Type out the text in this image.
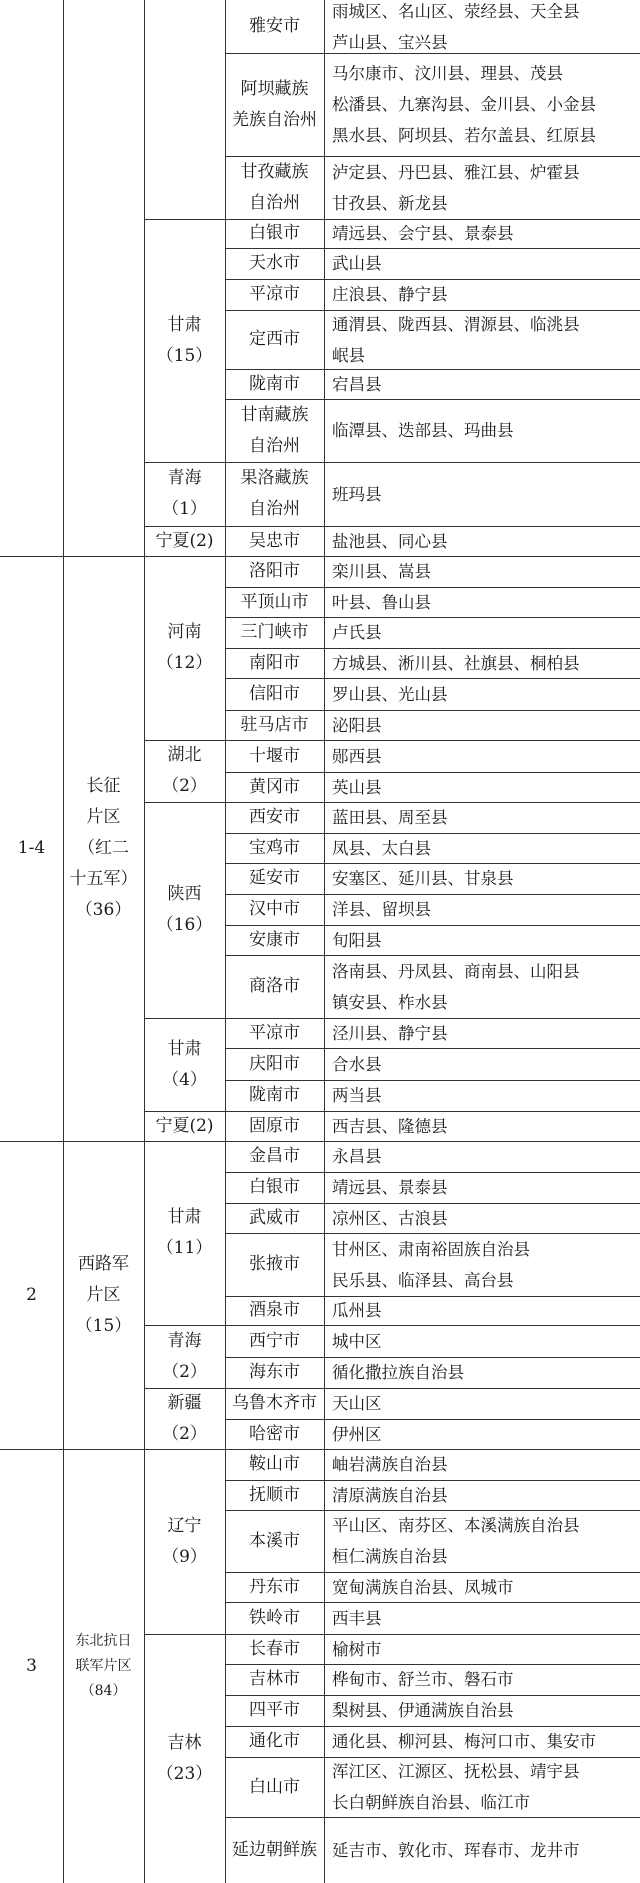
1-4
2
3
长征
片区
（红二
十五军）
（36）
西路军
片区
（15）
东北抗日
联军片区
（84）
甘肃
（15）
青海
（1）
宁夏(2)
河南
（12）
湖北
（2）
陕西
（16）
甘肃
（4）
宁夏(2)
甘肃
（11）
青海
（2）
新疆
（2）
辽宁
（9）
吉林
（23）
雅安市
阿坝藏族
羌族自治州
甘孜藏族
自治州
白银市
天水市
平凉市
定西市
陇南市
甘南藏族
自治州
果洛藏族
自治州
吴忠市
洛阳市
平顶山市
三门峡市
南阳市
信阳市
驻马店市
十堰市
黄冈市
西安市
宝鸡市
延安市
汉中市
安康市
商洛市
平凉市
庆阳市
陇南市
固原市
金昌市
白银市
武威市
张掖市
酒泉市
西宁市
海东市
乌鲁木齐市
哈密市
鞍山市
抚顺市
本溪市
丹东市
铁岭市
长春市
吉林市
四平市
通化市
白山市
延边朝鲜族
雨城区、名山区、荥经县、天全县
芦山县、宝兴县
马尔康市、汶川县、理县、茂县
松潘县、九寨沟县、金川县、小金县
黑水县、阿坝县、若尔盖县、红原县
泸定县、丹巴县、雅江县、炉霍县
甘孜县、新龙县
靖远县、会宁县、景泰县
武山县
庄浪县、静宁县
通渭县、陇西县、渭源县、临洮县
岷县
宕昌县
临潭县、迭部县、玛曲县
班玛县
盐池县、同心县
栾川县、嵩县
叶县、鲁山县
卢氏县
方城县、淅川县、社旗县、桐柏县
罗山县、光山县
泌阳县
郧西县
英山县
蓝田县、周至县
凤县、太白县
安塞区、延川县、甘泉县
洋县、留坝县
旬阳县
洛南县、丹凤县、商南县、山阳县
镇安县、柞水县
泾川县、静宁县
合水县
两当县
西吉县、隆德县
永昌县
靖远县、景泰县
凉州区、古浪县
甘州区、肃南裕固族自治县
民乐县、临泽县、高台县
瓜州县
城中区
循化撒拉族自治县
天山区
伊州区
岫岩满族自治县
清原满族自治县
平山区、南芬区、本溪满族自治县
桓仁满族自治县
宽甸满族自治县、凤城市
西丰县
榆树市
桦甸市、舒兰市、磐石市
梨树县、伊通满族自治县
通化县、柳河县、梅河口市、集安市
浑江区、江源区、抚松县、靖宇县
长白朝鲜族自治县、临江市
延吉市、敦化市、珲春市、龙井市
